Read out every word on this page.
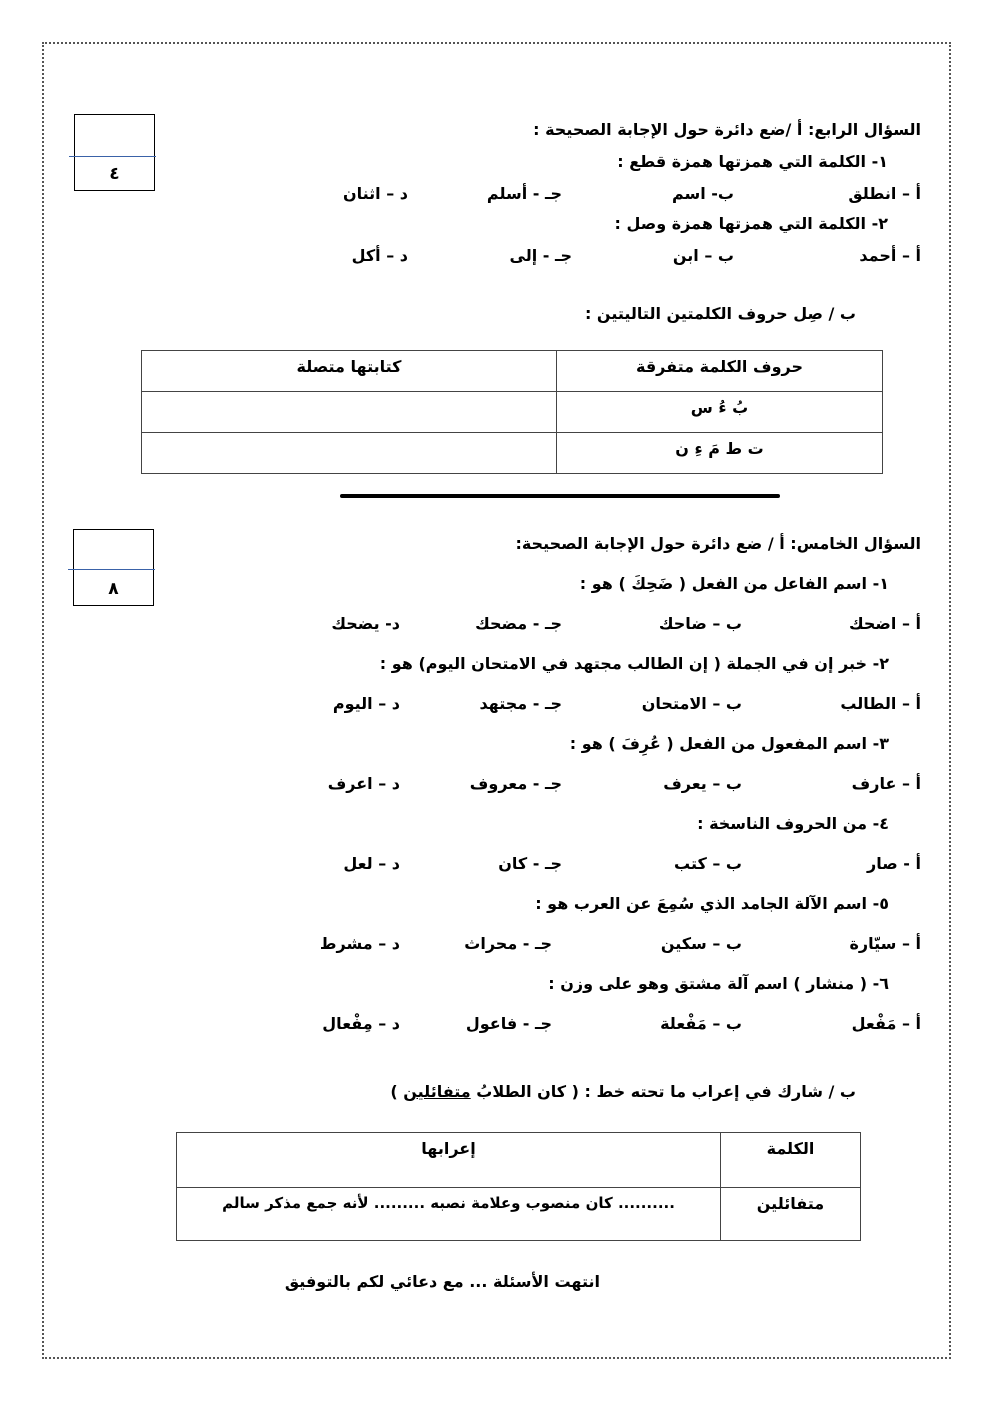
٤
السؤال الرابع: أ /ضع دائرة حول الإجابة الصحيحة :
١- الكلمة التي همزتها همزة قطع :
أ – انطلق
ب- اسم
جـ - أسلم
د – اثنان
٢- الكلمة التي همزتها همزة وصل :
أ – أحمد
ب – ابن
جـ - إلى
د – أكل
ب / صِل حروف الكلمتين التاليتين :
حروف الكلمة متفرقة	كتابتها متصلة
بُ ءُ س	
ت ط مَ ءِ ن	
٨
السؤال الخامس: أ / ضع دائرة حول الإجابة الصحيحة:
١- اسم الفاعل من الفعل ( ضَحِكَ ) هو :
أ – اضحك
ب – ضاحك
جـ - مضحك
د- يضحك
٢- خبر إن في الجملة ( إن الطالب مجتهد في الامتحان اليوم) هو :
أ – الطالب
ب – الامتحان
جـ - مجتهد
د – اليوم
٣- اسم المفعول من الفعل ( عُرِفَ ) هو :
أ – عارف
ب – يعرف
جـ - معروف
د – اعرف
٤- من الحروف الناسخة :
أ - صار
ب – كتب
جـ - كان
د – لعل
٥- اسم الآلة الجامد الذي سُمِعَ عن العرب هو :
أ – سيّارة
ب – سكين
جـ - محراث
د – مشرط
٦- ( منشار ) اسم آلة مشتق وهو على وزن :
أ – مَفْعل
ب – مَفْعلة
جـ - فاعول
د – مِفْعال
ب / شارك في إعراب ما تحته خط : ( كان الطلابُ متفائلين )
الكلمة	إعرابها
متفائلين	.......... كان منصوب وعلامة نصبه ......... لأنه جمع مذكر سالم
انتهت الأسئلة ... مع دعائي لكم بالتوفيق
